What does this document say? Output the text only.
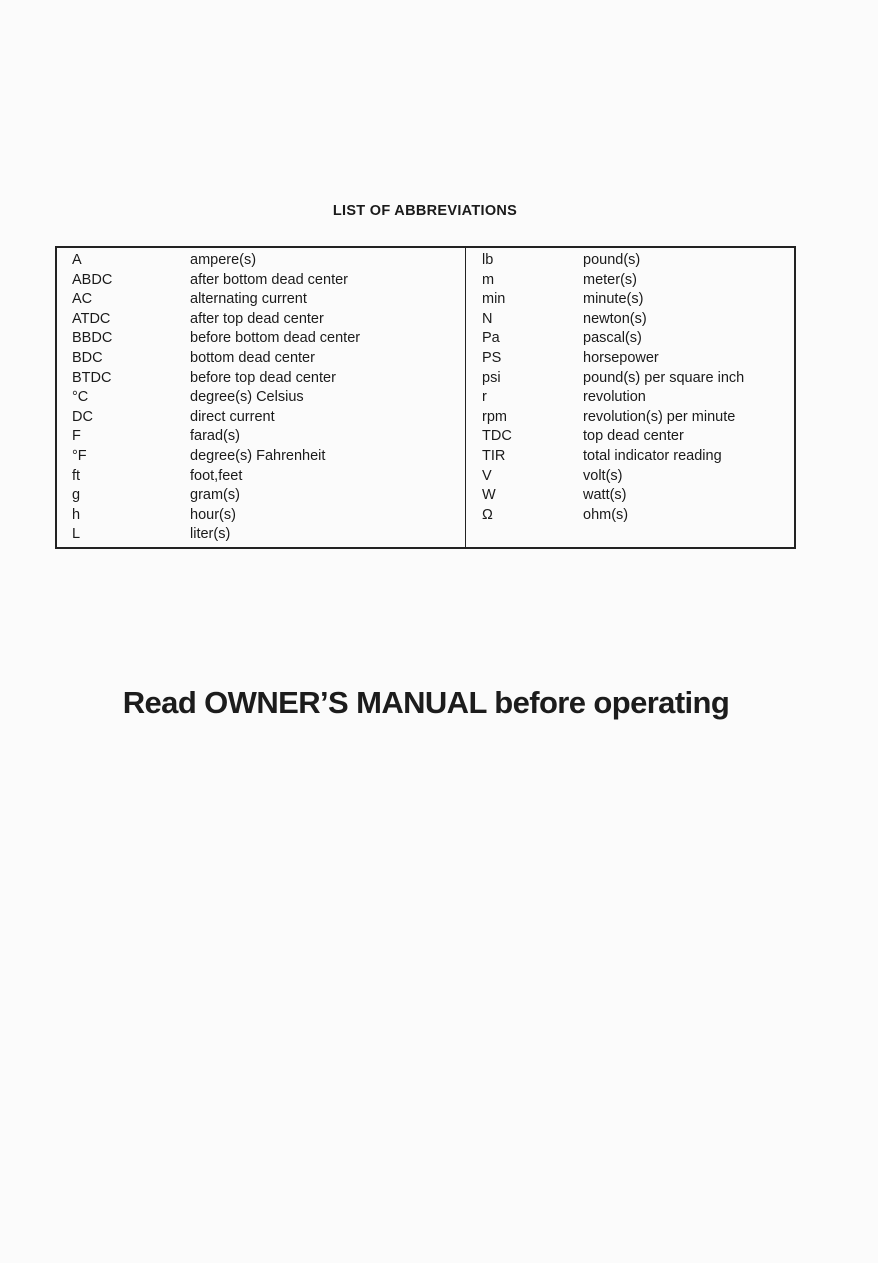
LIST OF ABBREVIATIONS
A	ampere(s)
ABDC	after bottom dead center
AC	alternating current
ATDC	after top dead center
BBDC	before bottom dead center
BDC	bottom dead center
BTDC	before top dead center
°C	degree(s) Celsius
DC	direct current
F	farad(s)
°F	degree(s) Fahrenheit
ft	foot,feet
g	gram(s)
h	hour(s)
L	liter(s)
lb	pound(s)
m	meter(s)
min	minute(s)
N	newton(s)
Pa	pascal(s)
PS	horsepower
psi	pound(s) per square inch
r	revolution
rpm	revolution(s) per minute
TDC	top dead center
TIR	total indicator reading
V	volt(s)
W	watt(s)
Ω	ohm(s)
Read OWNER’S MANUAL before operating
